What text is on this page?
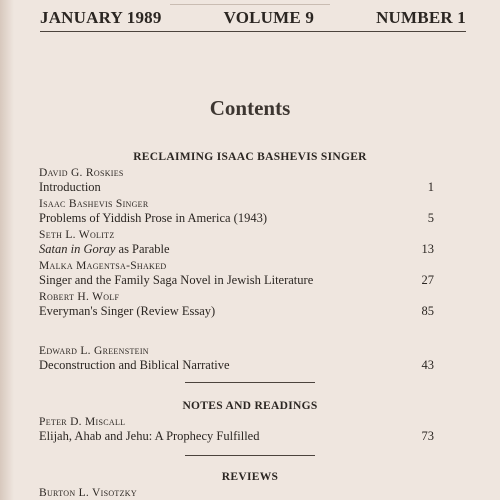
JANUARY 1989	VOLUME 9	NUMBER 1
Contents
RECLAIMING ISAAC BASHEVIS SINGER
David G. Roskies
Introduction	1
Isaac Bashevis Singer
Problems of Yiddish Prose in America (1943)	5
Seth L. Wolitz
Satan in Goray as Parable	13
Malka Magentsa-Shaked
Singer and the Family Saga Novel in Jewish Literature	27
Robert H. Wolf
Everyman's Singer (Review Essay)	85
Edward L. Greenstein
Deconstruction and Biblical Narrative	43
NOTES AND READINGS
Peter D. Miscall
Elijah, Ahab and Jehu: A Prophecy Fulfilled	73
REVIEWS
Burton L. Visotzky
